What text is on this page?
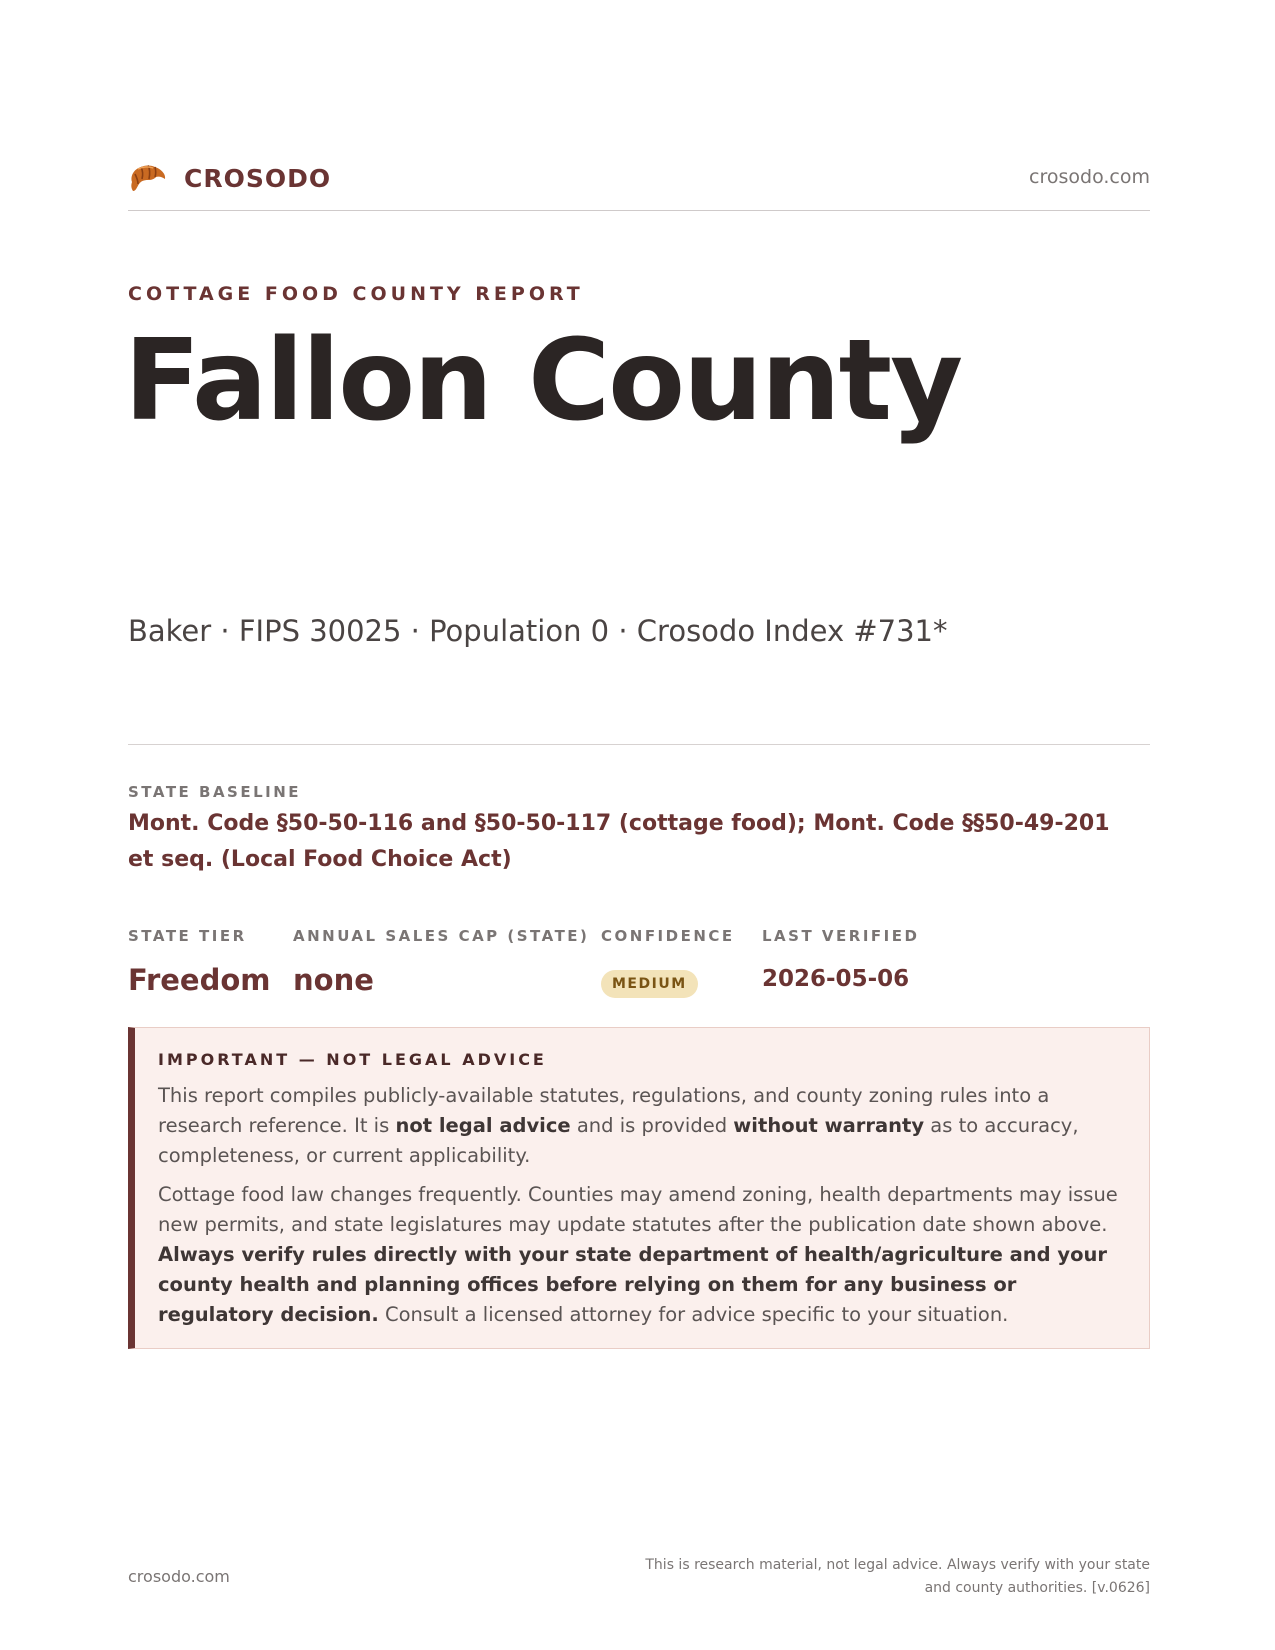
CROSODO	crosodo.com
COTTAGE FOOD COUNTY REPORT
Fallon County
Baker · FIPS 30025 · Population 0 · Crosodo Index #731*
STATE BASELINE
Mont. Code §50-50-116 and §50-50-117 (cottage food); Mont. Code §§50-49-201 et seq. (Local Food Choice Act)
STATE TIER
Freedom
ANNUAL SALES CAP (STATE)
none
CONFIDENCE
MEDIUM
LAST VERIFIED
2026-05-06
IMPORTANT — NOT LEGAL ADVICE

This report compiles publicly-available statutes, regulations, and county zoning rules into a research reference. It is not legal advice and is provided without warranty as to accuracy, completeness, or current applicability.

Cottage food law changes frequently. Counties may amend zoning, health departments may issue new permits, and state legislatures may update statutes after the publication date shown above. Always verify rules directly with your state department of health/agriculture and your county health and planning offices before relying on them for any business or regulatory decision. Consult a licensed attorney for advice specific to your situation.

crosodo.com
This is research material, not legal advice. Always verify with your state and county authorities. [v.0626]
